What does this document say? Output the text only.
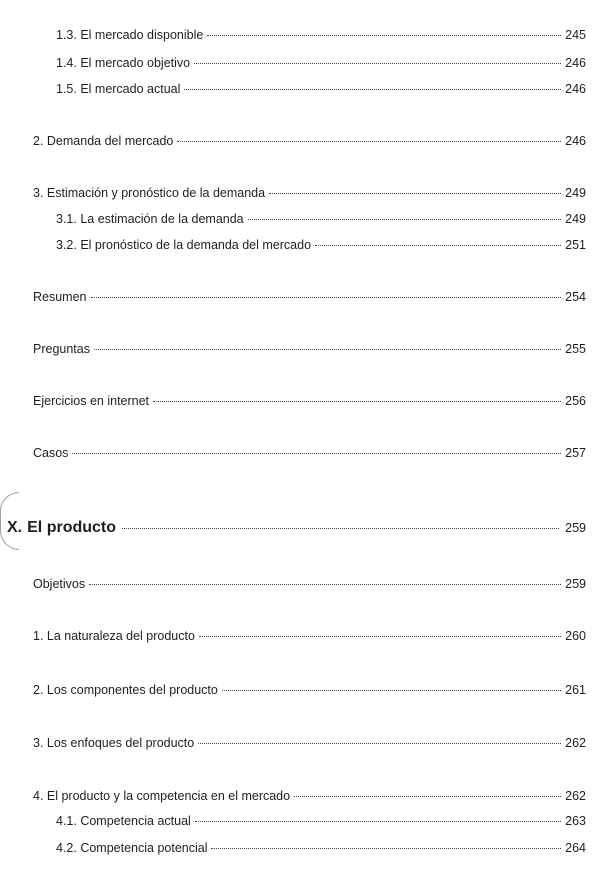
1.3. El mercado disponible	245
1.4. El mercado objetivo	246
1.5. El mercado actual	246
2. Demanda del mercado	246
3. Estimación y pronóstico de la demanda	249
3.1. La estimación de la demanda	249
3.2. El pronóstico de la demanda del mercado	251
Resumen	254
Preguntas	255
Ejercicios en internet	256
Casos	257
X. El producto	259
Objetivos	259
1. La naturaleza del producto	260
2. Los componentes del producto	261
3. Los enfoques del producto	262
4. El producto y la competencia en el mercado	262
4.1. Competencia actual	263
4.2. Competencia potencial	264
